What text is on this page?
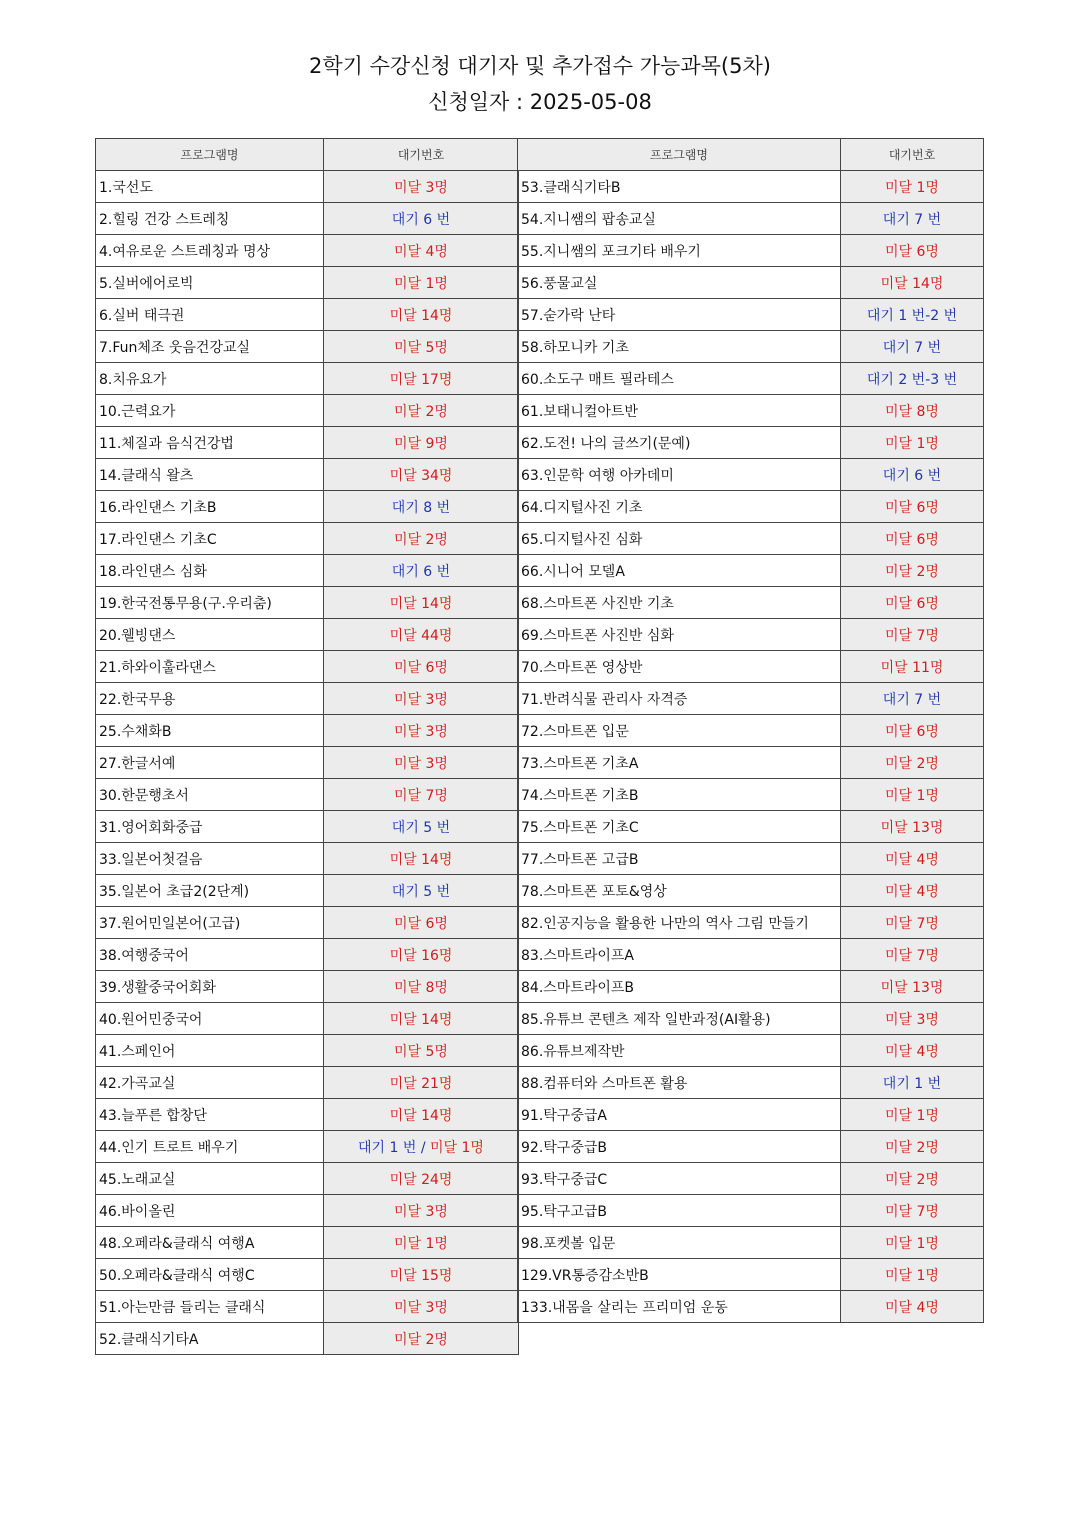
2학기 수강신청 대기자 및 추가접수 가능과목(5차)
신청일자 : 2025-05-08
프로그램명	대기번호
1.국선도	미달 3명
2.힐링 건강 스트레칭	대기 6 번
4.여유로운 스트레칭과 명상	미달 4명
5.실버에어로빅	미달 1명
6.실버 태극권	미달 14명
7.Fun체조 웃음건강교실	미달 5명
8.치유요가	미달 17명
10.근력요가	미달 2명
11.체질과 음식건강법	미달 9명
14.클래식 왈츠	미달 34명
16.라인댄스 기초B	대기 8 번
17.라인댄스 기초C	미달 2명
18.라인댄스 심화	대기 6 번
19.한국전통무용(구.우리춤)	미달 14명
20.웰빙댄스	미달 44명
21.하와이훌라댄스	미달 6명
22.한국무용	미달 3명
25.수채화B	미달 3명
27.한글서예	미달 3명
30.한문행초서	미달 7명
31.영어회화중급	대기 5 번
33.일본어첫걸음	미달 14명
35.일본어 초급2(2단계)	대기 5 번
37.원어민일본어(고급)	미달 6명
38.여행중국어	미달 16명
39.생활중국어회화	미달 8명
40.원어민중국어	미달 14명
41.스페인어	미달 5명
42.가곡교실	미달 21명
43.늘푸른 합창단	미달 14명
44.인기 트로트 배우기	대기 1 번 / 미달 1명
45.노래교실	미달 24명
46.바이올린	미달 3명
48.오페라&클래식 여행A	미달 1명
50.오페라&클래식 여행C	미달 15명
51.아는만큼 들리는 클래식	미달 3명
52.클래식기타A	미달 2명
프로그램명	대기번호
53.클래식기타B	미달 1명
54.지니쌤의 팝송교실	대기 7 번
55.지니쌤의 포크기타 배우기	미달 6명
56.풍물교실	미달 14명
57.숟가락 난타	대기 1 번-2 번
58.하모니카 기초	대기 7 번
60.소도구 매트 필라테스	대기 2 번-3 번
61.보태니컬아트반	미달 8명
62.도전! 나의 글쓰기(문예)	미달 1명
63.인문학 여행 아카데미	대기 6 번
64.디지털사진 기초	미달 6명
65.디지털사진 심화	미달 6명
66.시니어 모델A	미달 2명
68.스마트폰 사진반 기초	미달 6명
69.스마트폰 사진반 심화	미달 7명
70.스마트폰 영상반	미달 11명
71.반려식물 관리사 자격증	대기 7 번
72.스마트폰 입문	미달 6명
73.스마트폰 기초A	미달 2명
74.스마트폰 기초B	미달 1명
75.스마트폰 기초C	미달 13명
77.스마트폰 고급B	미달 4명
78.스마트폰 포토&영상	미달 4명
82.인공지능을 활용한 나만의 역사 그림 만들기	미달 7명
83.스마트라이프A	미달 7명
84.스마트라이프B	미달 13명
85.유튜브 콘텐츠 제작 일반과정(AI활용)	미달 3명
86.유튜브제작반	미달 4명
88.컴퓨터와 스마트폰 활용	대기 1 번
91.탁구중급A	미달 1명
92.탁구중급B	미달 2명
93.탁구중급C	미달 2명
95.탁구고급B	미달 7명
98.포켓볼 입문	미달 1명
129.VR통증감소반B	미달 1명
133.내몸을 살리는 프리미엄 운동	미달 4명
